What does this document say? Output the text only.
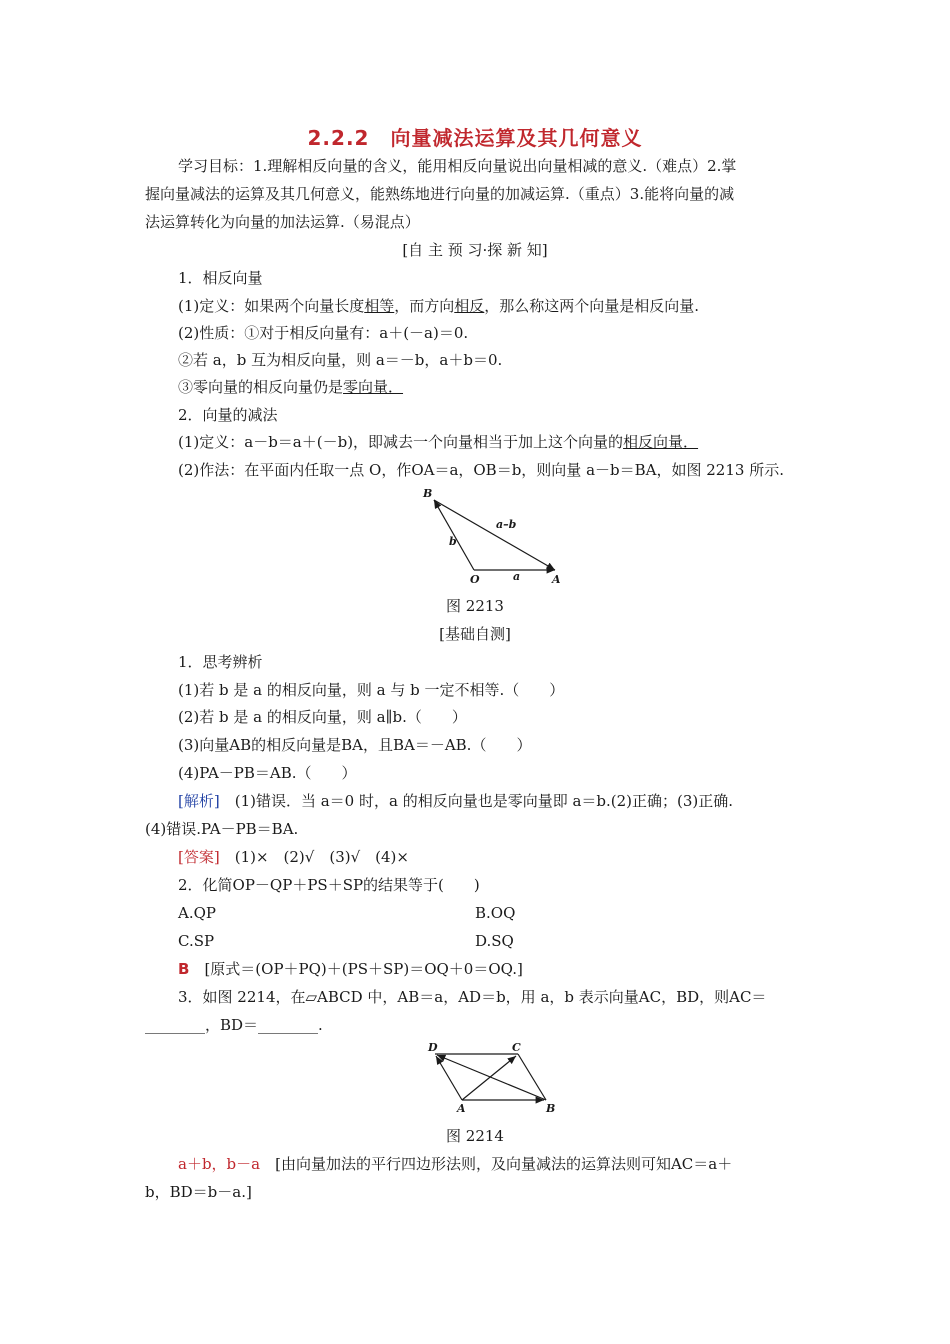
2.2.2　向量减法运算及其几何意义
学习目标：1.理解相反向量的含义，能用相反向量说出向量相减的意义.（难点）2.掌
握向量减法的运算及其几何意义，能熟练地进行向量的加减运算.（重点）3.能将向量的减
法运算转化为向量的加法运算.（易混点）
[自 主 预 习·探 新 知]
1．相反向量
(1)定义：如果两个向量长度相等，而方向相反，那么称这两个向量是相反向量.
(2)性质：①对于相反向量有：a＋(－a)＝0.
②若 a，b 互为相反向量，则 a＝－b，a＋b＝0.
③零向量的相反向量仍是零向量．
2．向量的减法
(1)定义：a－b＝a＋(－b)，即减去一个向量相当于加上这个向量的相反向量．
(2)作法：在平面内任取一点 O，作OA＝a，OB＝b，则向量 a－b＝BA，如图 2213 所示.
B
O	A
a–b
b
a
图 2213
[基础自测]
1．思考辨析
(1)若 b 是 a 的相反向量，则 a 与 b 一定不相等.（　　）
(2)若 b 是 a 的相反向量，则 a∥b.（　　）
(3)向量AB的相反向量是BA，且BA＝－AB.（　　）
(4)PA－PB＝AB.（　　）
[解析]　(1)错误．当 a＝0 时，a 的相反向量也是零向量即 a＝b.(2)正确；(3)正确.
(4)错误.PA－PB＝BA.
[答案]　(1)×　(2)√　(3)√　(4)×
2．化简OP－QP＋PS＋SP的结果等于(　　)
A.QP	B.OQ
C.SP	D.SQ
B　[原式＝(OP＋PQ)＋(PS＋SP)＝OQ＋0＝OQ.]
3．如图 2214，在▱ABCD 中，AB＝a，AD＝b，用 a，b 表示向量AC，BD，则AC＝
________，BD＝________.
D	C
A	B
图 2214
a＋b，b－a　[由向量加法的平行四边形法则，及向量减法的运算法则可知AC＝a＋
b，BD＝b－a.]
